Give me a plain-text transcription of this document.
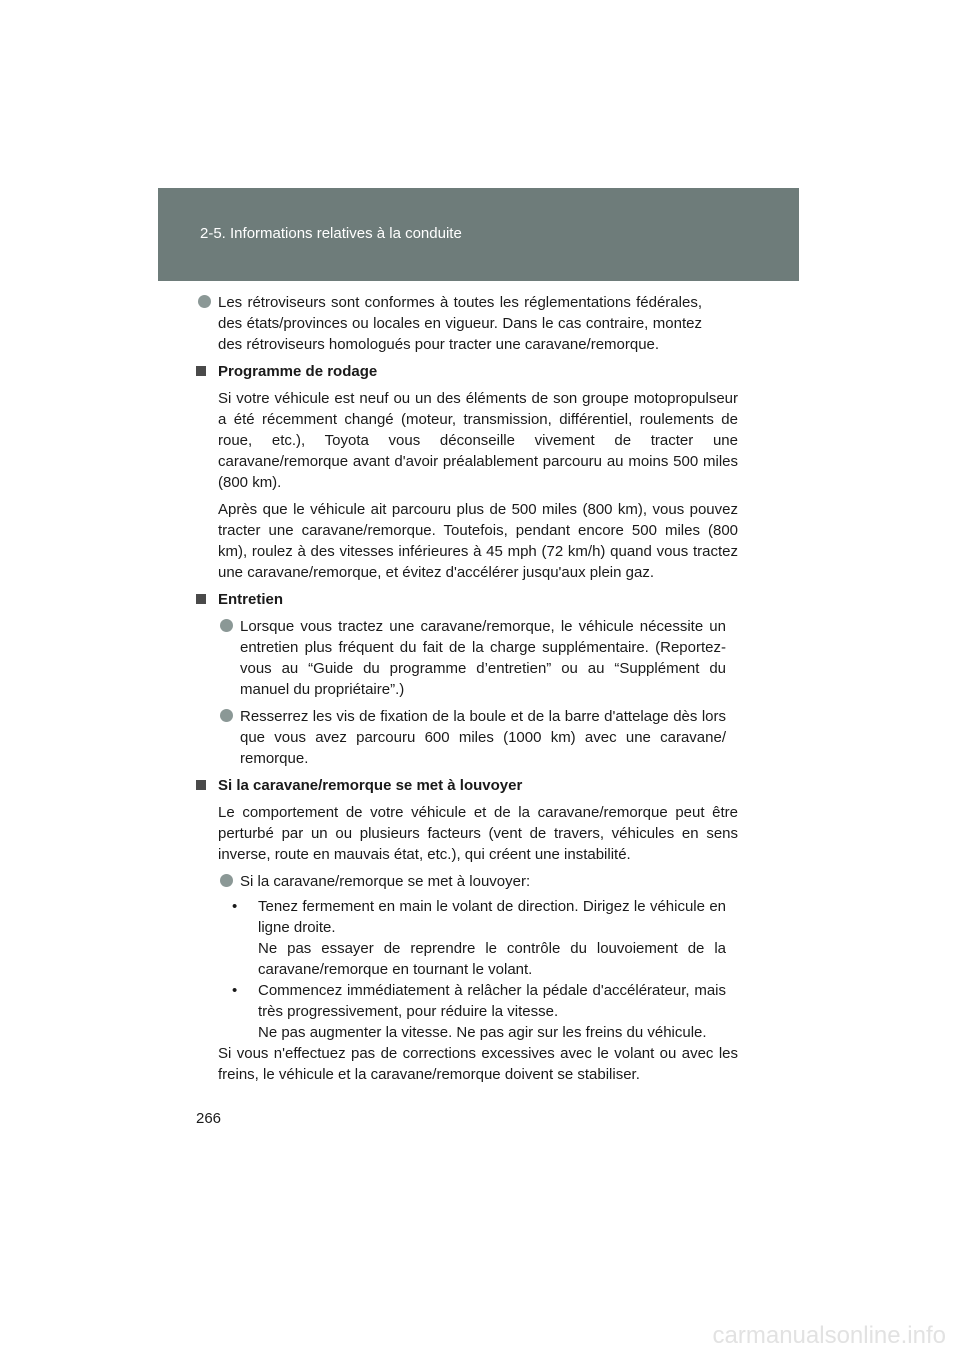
2-5. Informations relatives à la conduite
Les rétroviseurs sont conformes à toutes les réglementations fédérales, des états/provinces ou locales en vigueur. Dans le cas contraire, montez des rétroviseurs homologués pour tracter une caravane/remorque.
Programme de rodage
Si votre véhicule est neuf ou un des éléments de son groupe motopropulseur a été récemment changé (moteur, transmission, différentiel, roulements de roue, etc.), Toyota vous déconseille vivement de tracter une caravane/remorque avant d'avoir préalablement parcouru au moins 500 miles (800 km).
Après que le véhicule ait parcouru plus de 500 miles (800 km), vous pouvez tracter une caravane/remorque. Toutefois, pendant encore 500 miles (800 km), roulez à des vitesses inférieures à 45 mph (72 km/h) quand vous tractez une caravane/remorque, et évitez d'accélérer jusqu'aux plein gaz.
Entretien
Lorsque vous tractez une caravane/remorque, le véhicule nécessite un entretien plus fréquent du fait de la charge supplémentaire. (Reportez-vous au “Guide du programme d’entretien” ou au “Supplément du manuel du propriétaire”.)
Resserrez les vis de fixation de la boule et de la barre d'attelage dès lors que vous avez parcouru 600 miles (1000 km) avec une caravane/ remorque.
Si la caravane/remorque se met à louvoyer
Le comportement de votre véhicule et de la caravane/remorque peut être perturbé par un ou plusieurs facteurs (vent de travers, véhicules en sens inverse, route en mauvais état, etc.), qui créent une instabilité.
Si la caravane/remorque se met à louvoyer:
• Tenez fermement en main le volant de direction. Dirigez le véhicule en ligne droite.

Ne pas essayer de reprendre le contrôle du louvoiement de la caravane/remorque en tournant le volant.

• Commencez immédiatement à relâcher la pédale d'accélérateur, mais très progressivement, pour réduire la vitesse.

Ne pas augmenter la vitesse. Ne pas agir sur les freins du véhicule.

Si vous n'effectuez pas de corrections excessives avec le volant ou avec les freins, le véhicule et la caravane/remorque doivent se stabiliser.
266
carmanualsonline.info
